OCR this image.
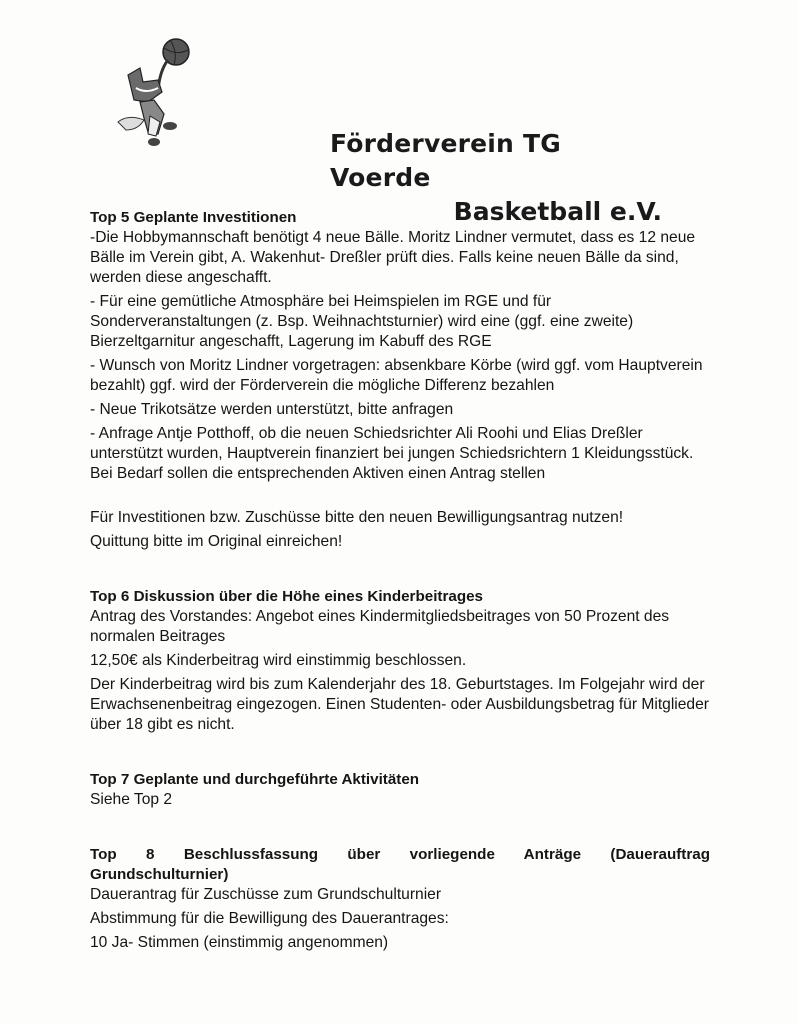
Förderverein TG Voerde
Basketball e.V.

Top 5 Geplante Investitionen

-Die Hobbymannschaft benötigt 4 neue Bälle. Moritz Lindner vermutet, dass es 12 neue Bälle im Verein gibt, A. Wakenhut- Dreßler prüft dies. Falls keine neuen Bälle da sind, werden diese angeschafft.

- Für eine gemütliche Atmosphäre bei Heimspielen im RGE und für Sonderveranstaltungen (z. Bsp. Weihnachtsturnier) wird eine (ggf. eine zweite) Bierzeltgarnitur angeschafft, Lagerung im Kabuff des RGE

- Wunsch von Moritz Lindner vorgetragen: absenkbare Körbe (wird ggf. vom Hauptverein bezahlt) ggf. wird der Förderverein die mögliche Differenz bezahlen

- Neue Trikotsätze werden unterstützt, bitte anfragen

- Anfrage Antje Potthoff, ob die neuen Schiedsrichter Ali Roohi und Elias Dreßler unterstützt wurden, Hauptverein finanziert bei jungen Schiedsrichtern 1 Kleidungsstück. Bei Bedarf sollen die entsprechenden Aktiven einen Antrag stellen

Für Investitionen bzw. Zuschüsse bitte den neuen Bewilligungsantrag nutzen!

Quittung bitte im Original einreichen!

Top 6 Diskussion über die Höhe eines Kinderbeitrages

Antrag des Vorstandes: Angebot eines Kindermitgliedsbeitrages von 50 Prozent des normalen Beitrages

12,50€ als Kinderbeitrag wird einstimmig beschlossen.

Der Kinderbeitrag wird bis zum Kalenderjahr des 18. Geburtstages. Im Folgejahr wird der Erwachsenenbeitrag eingezogen. Einen Studenten- oder Ausbildungsbetrag für Mitglieder über 18 gibt es nicht.

Top 7 Geplante und durchgeführte Aktivitäten

Siehe Top 2

Top 8 Beschlussfassung über vorliegende Anträge (Dauerauftrag

Grundschulturnier)

Dauerantrag für Zuschüsse zum Grundschulturnier

Abstimmung für die Bewilligung des Dauerantrages:

10 Ja- Stimmen (einstimmig angenommen)
